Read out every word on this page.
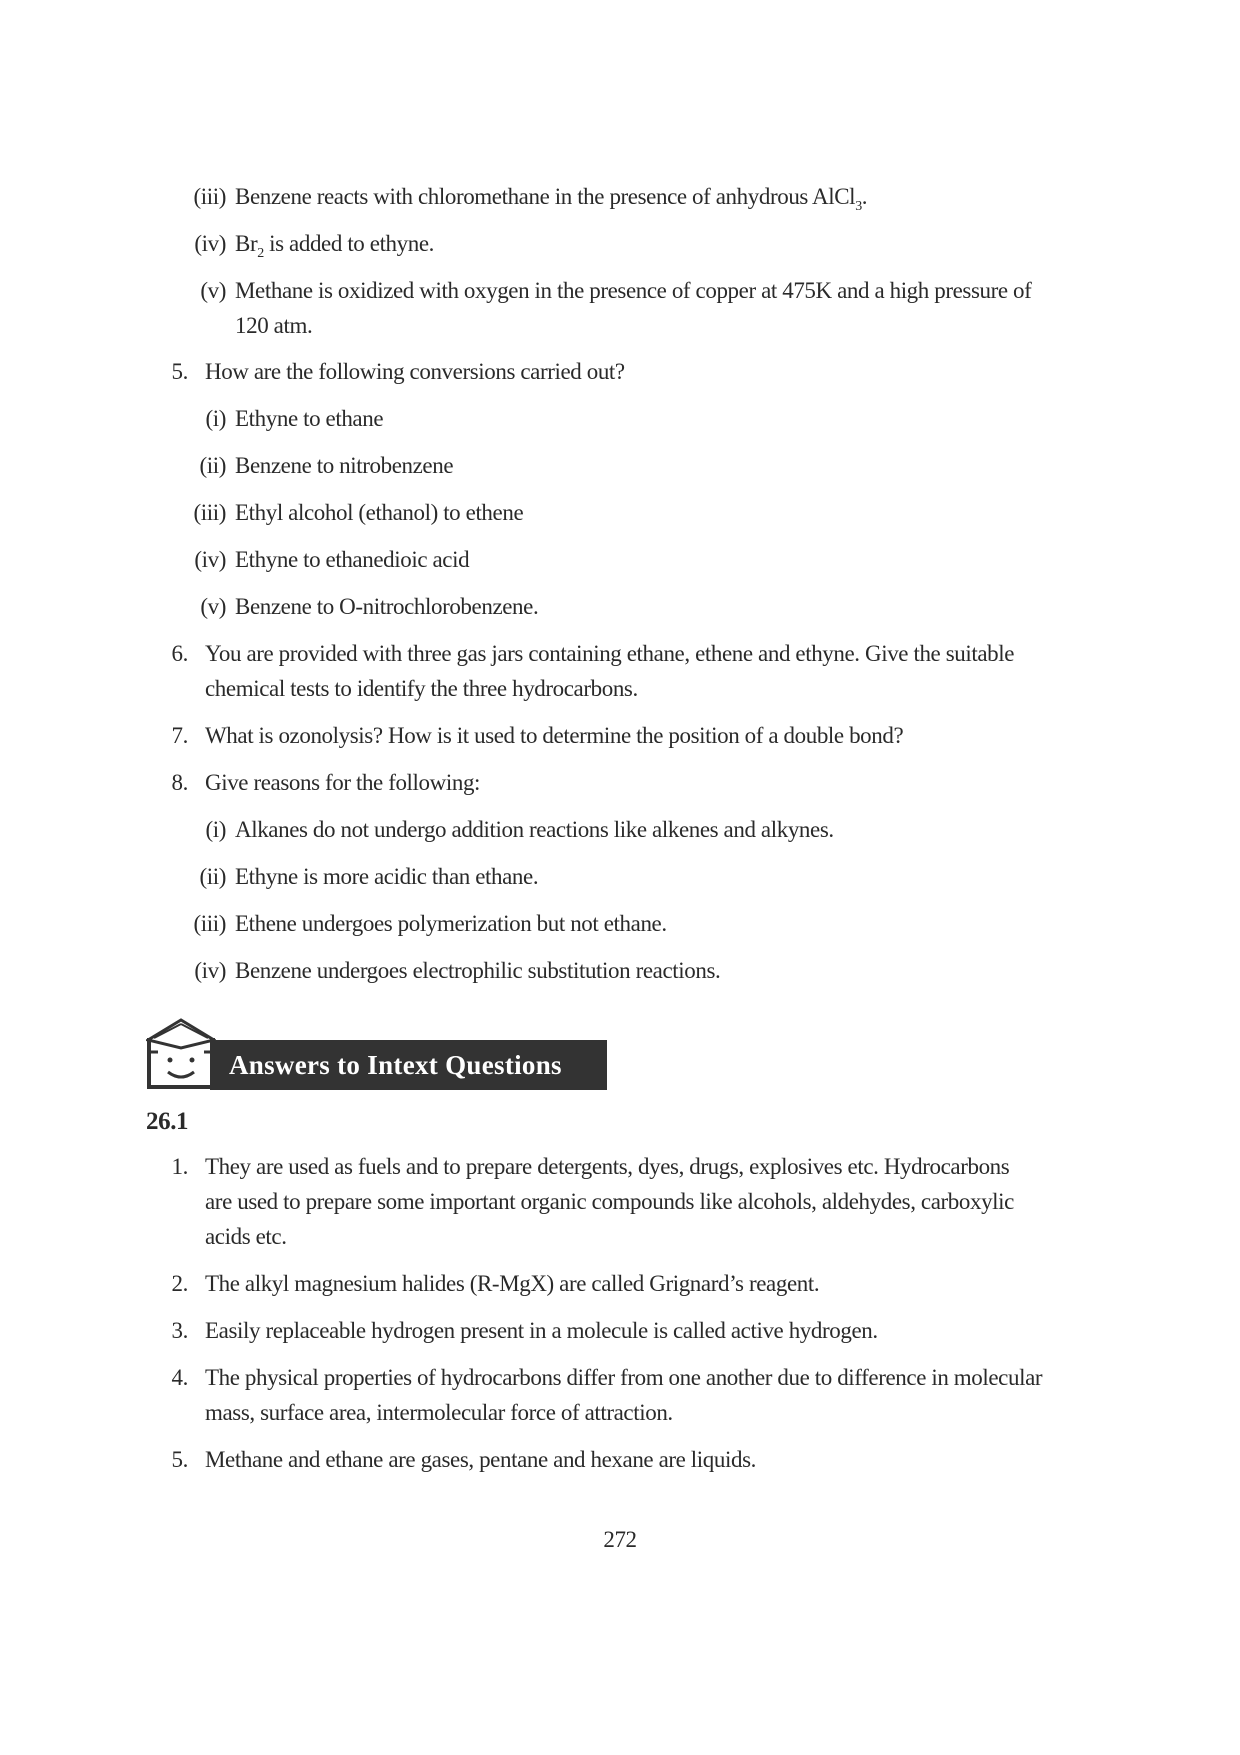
(iii) Benzene reacts with chloromethane in the presence of anhydrous AlCl$_3$.
(iv) $Br_2$ is added to ethyne.
(v) Methane is oxidized with oxygen in the presence of copper at 475K and a high pressure of
120 atm.
5. How are the following conversions carried out?
(i) Ethyne to ethane
(ii) Benzene to nitrobenzene
(iii) Ethyl alcohol (ethanol) to ethene
(iv) Ethyne to ethanedioic acid
(v) Benzene to O-nitrochlorobenzene.
6. You are provided with three gas jars containing ethane, ethene and ethyne. Give the suitable
chemical tests to identify the three hydrocarbons.
7. What is ozonolysis? How is it used to determine the position of a double bond?
8. Give reasons for the following:
(i) Alkanes do not undergo addition reactions like alkenes and alkynes.
(ii) Ethyne is more acidic than ethane.
(iii) Ethene undergoes polymerization but not ethane.
(iv) Benzene undergoes electrophilic substitution reactions.
Answers to Intext Questions
26.1
1. They are used as fuels and to prepare detergents, dyes, drugs, explosives etc. Hydrocarbons
are used to prepare some important organic compounds like alcohols, aldehydes, carboxylic
acids etc.
2. The alkyl magnesium halides (R-MgX) are called Grignard’s reagent.
3. Easily replaceable hydrogen present in a molecule is called active hydrogen.
4. The physical properties of hydrocarbons differ from one another due to difference in molecular
mass, surface area, intermolecular force of attraction.
5. Methane and ethane are gases, pentane and hexane are liquids.
272
